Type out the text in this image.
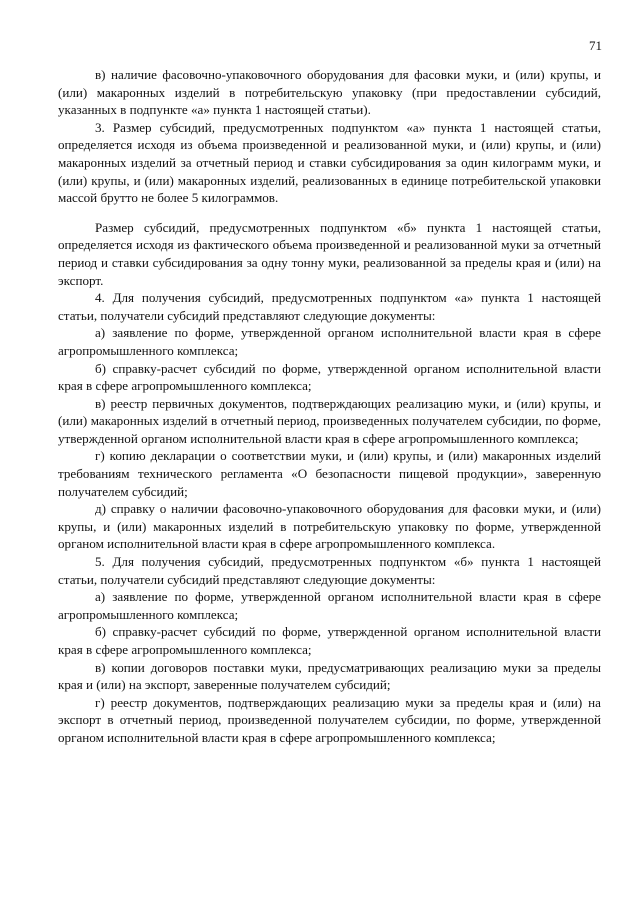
71

в) наличие фасовочно-упаковочного оборудования для фасовки муки, и (или) крупы, и (или) макаронных изделий в потребительскую упаковку (при предоставлении субсидий, указанных в подпункте «а» пункта 1 настоящей статьи).

3. Размер субсидий, предусмотренных подпунктом «а» пункта 1 настоящей статьи, определяется исходя из объема произведенной и реализованной муки, и (или) крупы, и (или) макаронных изделий за отчетный период и ставки субсидирования за один килограмм муки, и (или) крупы, и (или) макаронных изделий, реализованных в единице потребительской упаковки массой брутто не более 5 килограммов.

Размер субсидий, предусмотренных подпунктом «б» пункта 1 настоящей статьи, определяется исходя из фактического объема произведенной и реализованной муки за отчетный период и ставки субсидирования за одну тонну муки, реализованной за пределы края и (или) на экспорт.

4. Для получения субсидий, предусмотренных подпунктом «а» пункта 1 настоящей статьи, получатели субсидий представляют следующие документы:

а) заявление по форме, утвержденной органом исполнительной власти края в сфере агропромышленного комплекса;

б) справку-расчет субсидий по форме, утвержденной органом исполнительной власти края в сфере агропромышленного комплекса;

в) реестр первичных документов, подтверждающих реализацию муки, и (или) крупы, и (или) макаронных изделий в отчетный период, произведенных получателем субсидии, по форме, утвержденной органом исполнительной власти края в сфере агропромышленного комплекса;

г) копию декларации о соответствии муки, и (или) крупы, и (или) макаронных изделий требованиям технического регламента «О безопасности пищевой продукции», заверенную получателем субсидий;

д) справку о наличии фасовочно-упаковочного оборудования для фасовки муки, и (или) крупы, и (или) макаронных изделий в потребительскую упаковку по форме, утвержденной органом исполнительной власти края в сфере агропромышленного комплекса.

5. Для получения субсидий, предусмотренных подпунктом «б» пункта 1 настоящей статьи, получатели субсидий представляют следующие документы:

а) заявление по форме, утвержденной органом исполнительной власти края в сфере агропромышленного комплекса;

б) справку-расчет субсидий по форме, утвержденной органом исполнительной власти края в сфере агропромышленного комплекса;

в) копии договоров поставки муки, предусматривающих реализацию муки за пределы края и (или) на экспорт, заверенные получателем субсидий;

г) реестр документов, подтверждающих реализацию муки за пределы края и (или) на экспорт в отчетный период, произведенной получателем субсидии, по форме, утвержденной органом исполнительной власти края в сфере агропромышленного комплекса;
